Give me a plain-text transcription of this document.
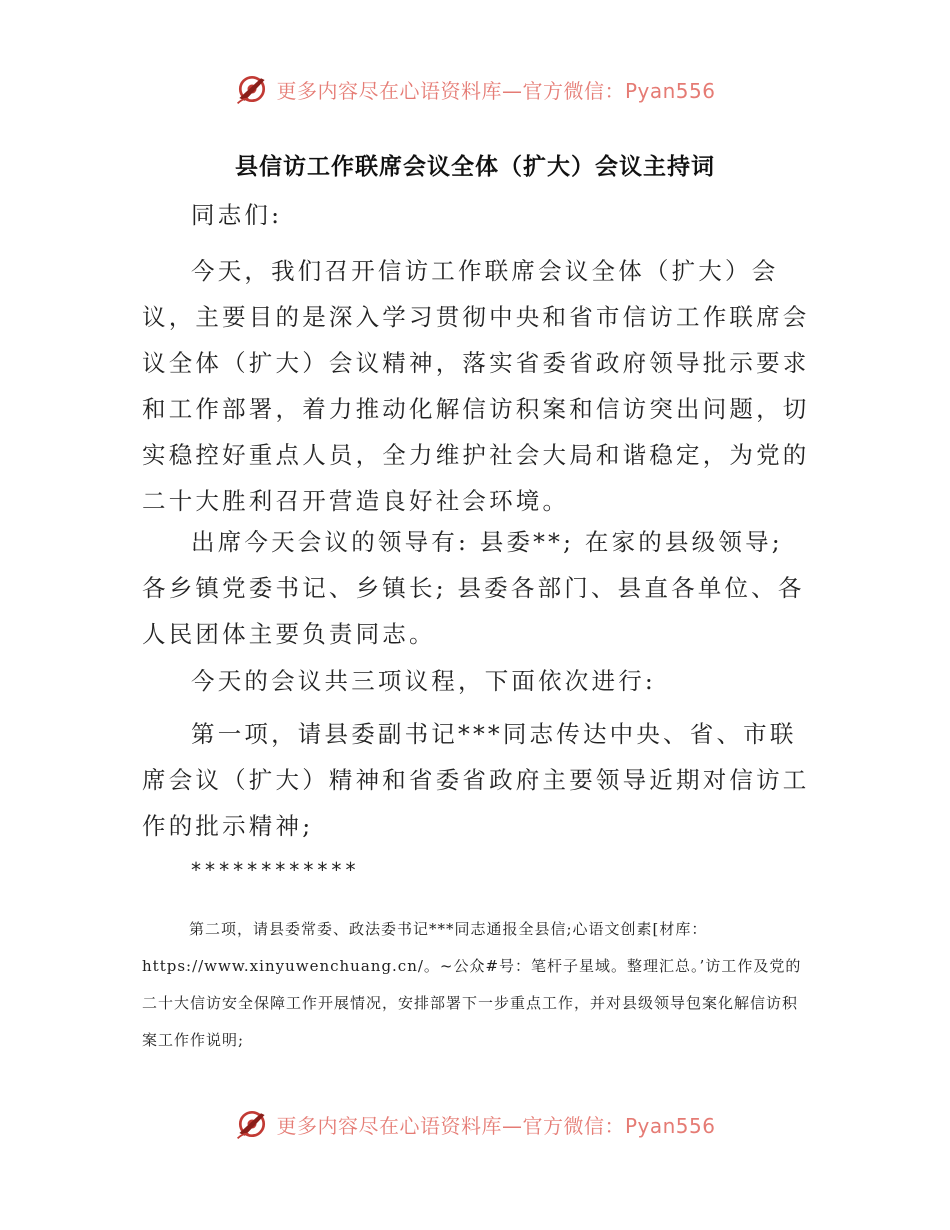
更多内容尽在心语资料库—官方微信：Pyan556
县信访工作联席会议全体（扩大）会议主持词

同志们:

今天，我们召开信访工作联席会议全体（扩大）会议，主要目的是深入学习贯彻中央和省市信访工作联席会议全体（扩大）会议精神，落实省委省政府领导批示要求和工作部署，着力推动化解信访积案和信访突出问题，切实稳控好重点人员，全力维护社会大局和谐稳定，为党的二十大胜利召开营造良好社会环境。

出席今天会议的领导有: 县委**; 在家的县级领导; 各乡镇党委书记、乡镇长; 县委各部门、县直各单位、各人民团体主要负责同志。

今天的会议共三项议程，下面依次进行:

第一项，请县委副书记***同志传达中央、省、市联席会议（扩大）精神和省委省政府主要领导近期对信访工作的批示精神;

************

第二项，请县委常委、政法委书记***同志通报全县信;心语文创素[材库：https://www.xinyuwenchuang.cn/。~公众#号：笔杆子星域。整理汇总。’访工作及党的二十大信访安全保障工作开展情况，安排部署下一步重点工作，并对县级领导包案化解信访积案工作作说明;

更多内容尽在心语资料库—官方微信：Pyan556
